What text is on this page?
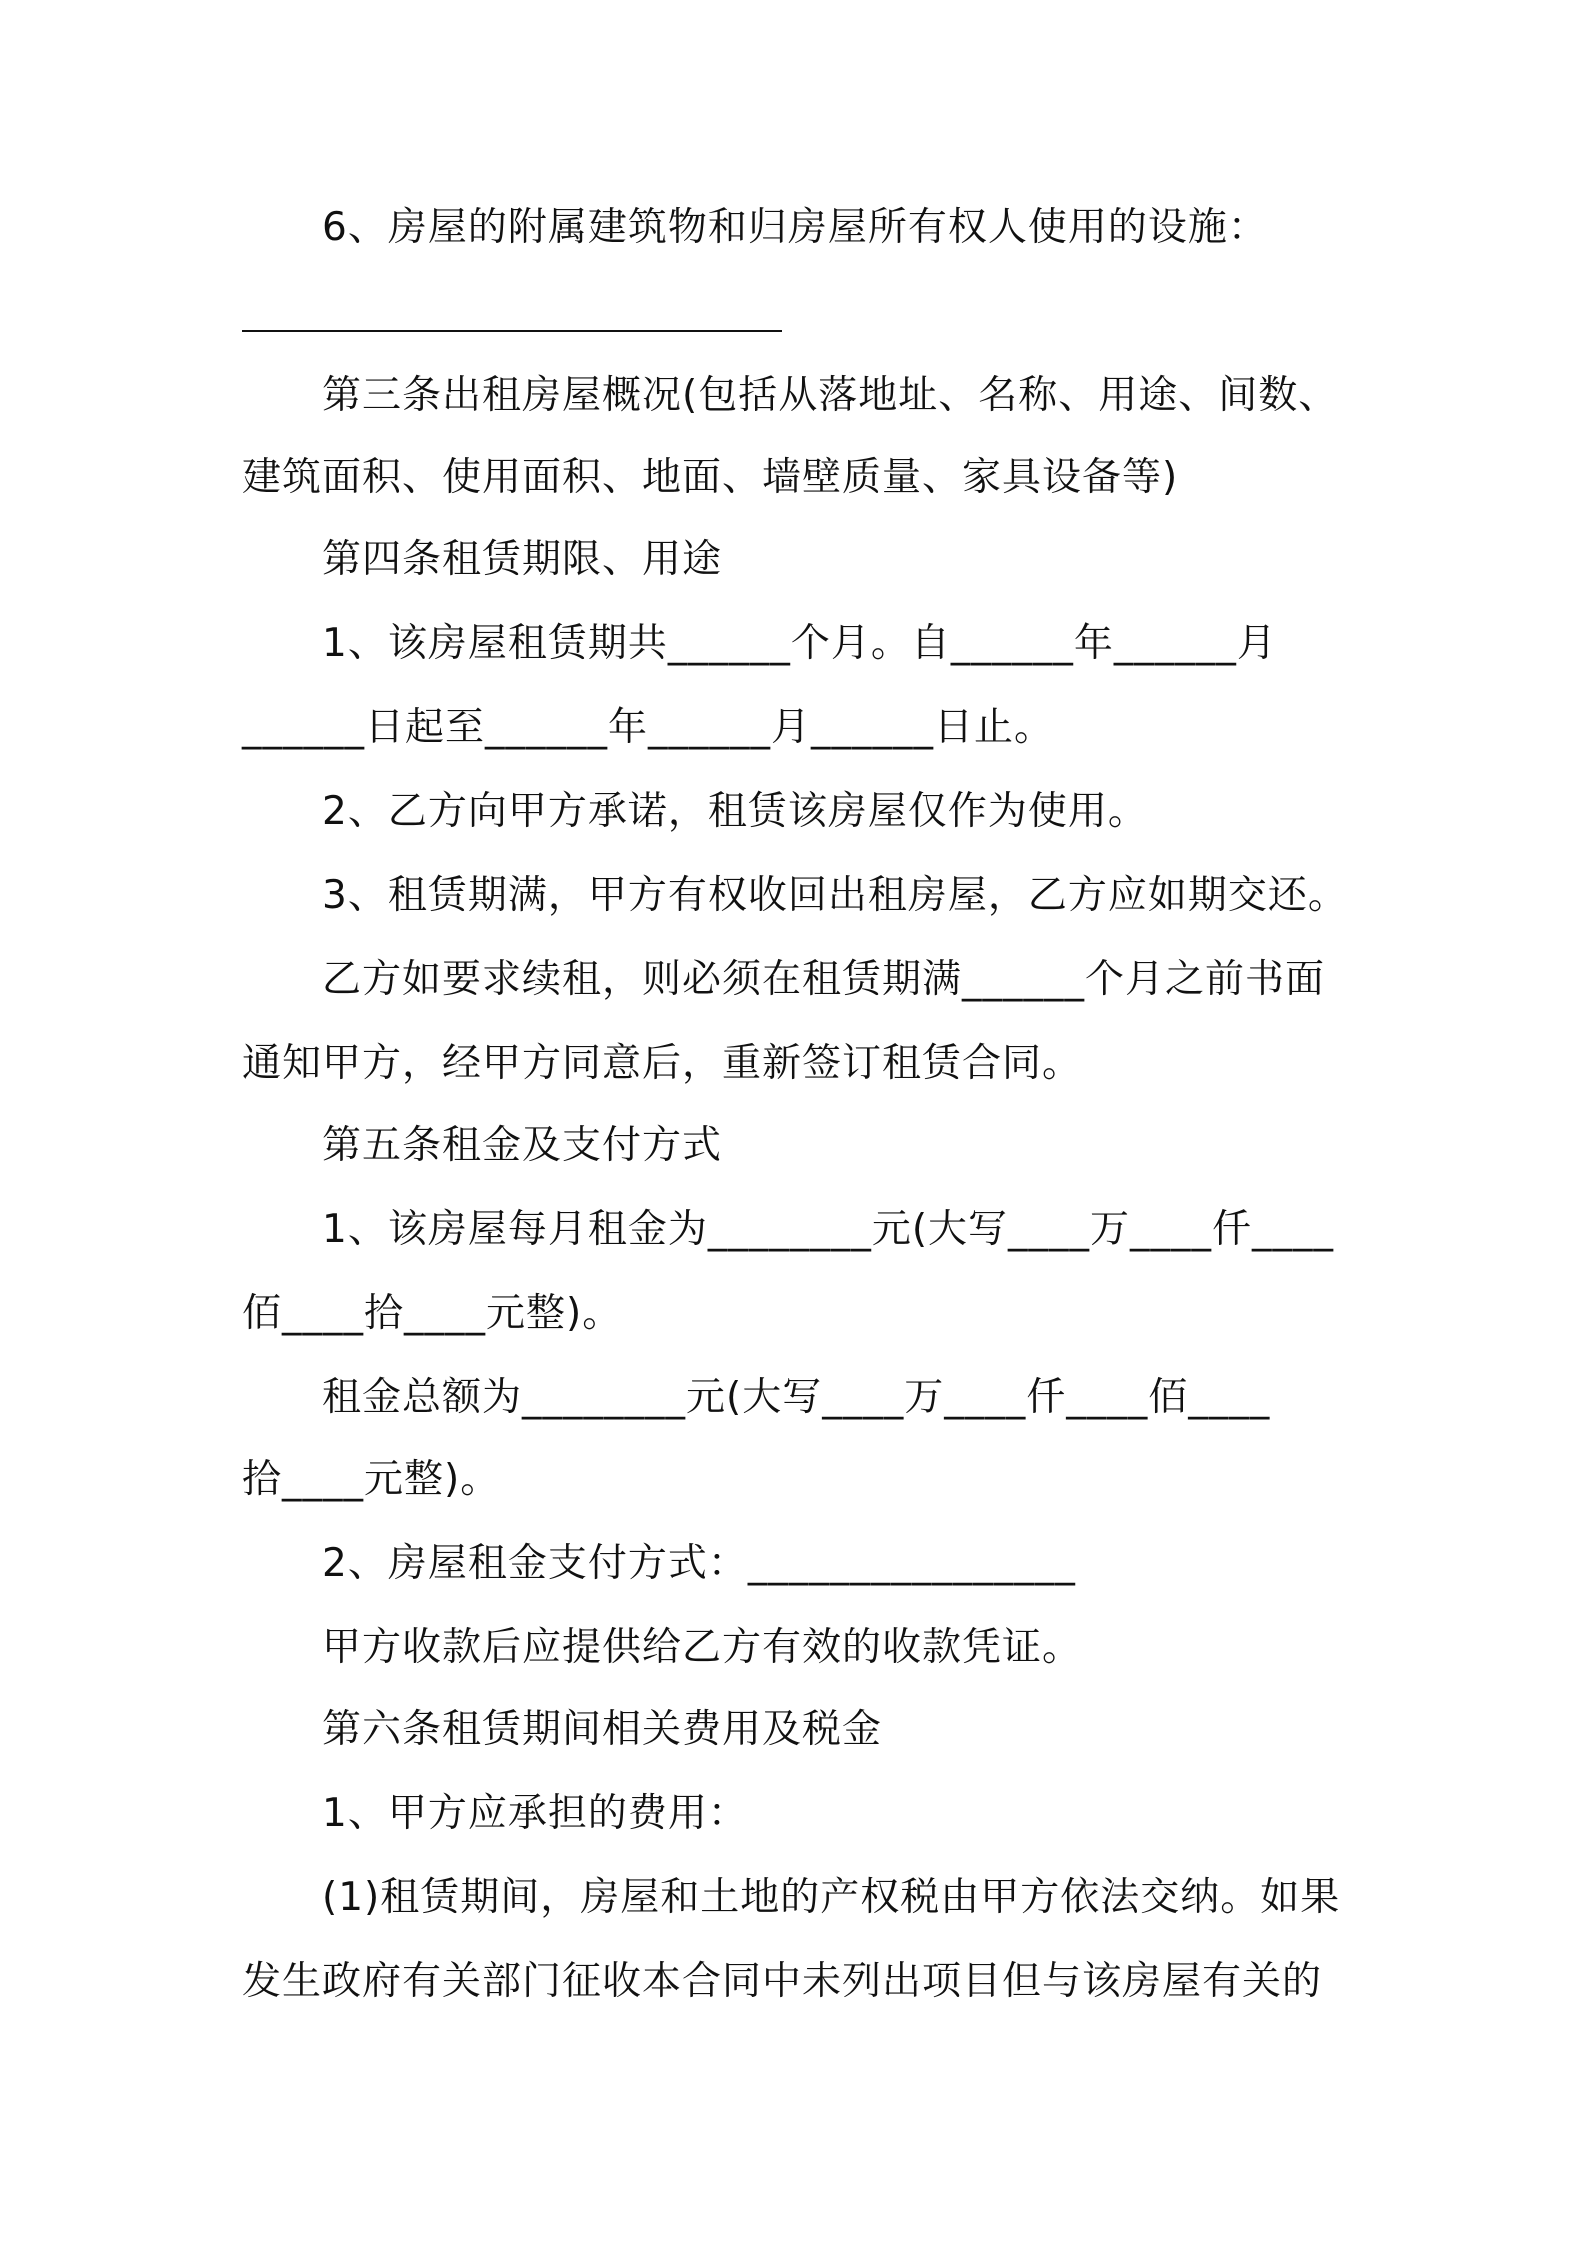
6、房屋的附属建筑物和归房屋所有权人使用的设施：
第三条出租房屋概况(包括从落地址、名称、用途、间数、
建筑面积、使用面积、地面、墙壁质量、家具设备等)
第四条租赁期限、用途
1、该房屋租赁期共______个月。自______年______月
______日起至______年______月______日止。
2、乙方向甲方承诺，租赁该房屋仅作为使用。
3、租赁期满，甲方有权收回出租房屋，乙方应如期交还。
乙方如要求续租，则必须在租赁期满______个月之前书面
通知甲方，经甲方同意后，重新签订租赁合同。
第五条租金及支付方式
1、该房屋每月租金为________元(大写____万____仟____
佰____拾____元整)。
租金总额为________元(大写____万____仟____佰____
拾____元整)。
2、房屋租金支付方式：________________
甲方收款后应提供给乙方有效的收款凭证。
第六条租赁期间相关费用及税金
1、甲方应承担的费用：
(1)租赁期间，房屋和土地的产权税由甲方依法交纳。如果
发生政府有关部门征收本合同中未列出项目但与该房屋有关的
